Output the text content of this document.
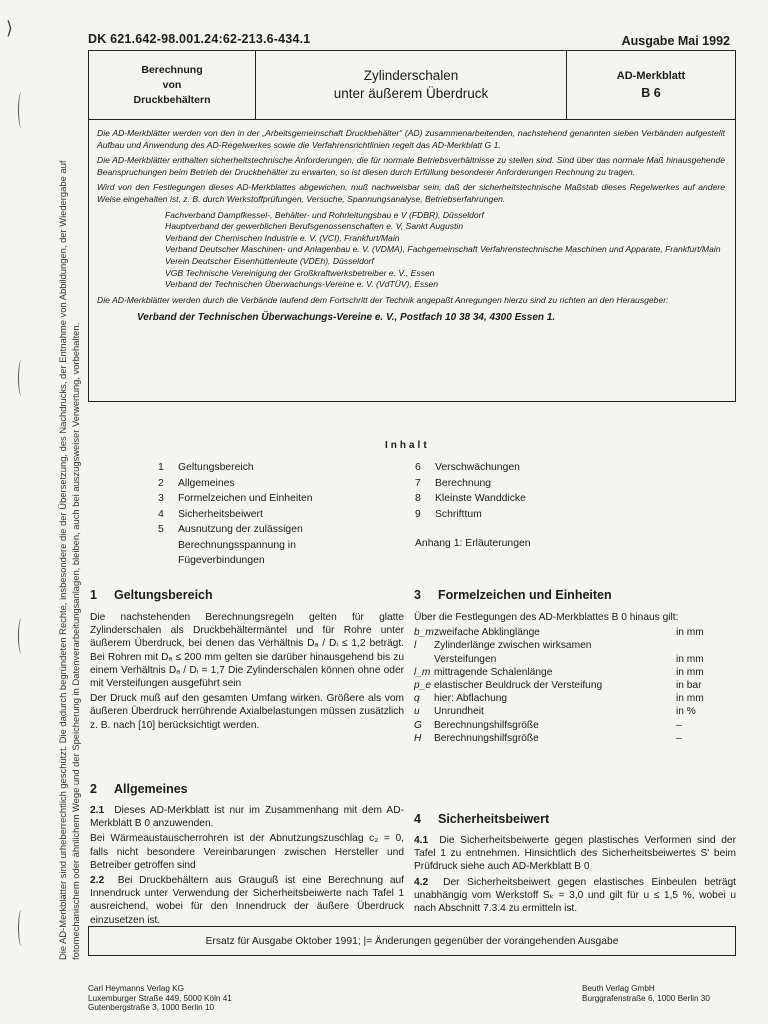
⟩
Die AD-Merkblätter sind urheberrechtlich geschützt. Die dadurch begründeten Rechte, insbesondere die der Übersetzung, des Nachdrucks, der Entnahme von Abbildungen, der Wiedergabe auf fotomechanischem oder ähnlichem Wege und der Speicherung in Datenverarbeitungsanlagen, bleiben, auch bei auszugsweiser Verwertung, vorbehalten.
DK 621.642-98.001.24:62-213.6-434.1	Ausgabe Mai 1992
Berechnung
von
Druckbehältern
Zylinderschalen
unter äußerem Überdruck
AD-Merkblatt
B 6

Die AD-Merkblätter werden von den in der „Arbeitsgemeinschaft Druckbehälter“ (AD) zusammenarbeitenden, nachstehend genannten sieben Verbänden aufgestellt Aufbau und Anwendung des AD-Regelwerkes sowie die Verfahrensrichtlinien regelt das AD-Merkblatt G 1.

Die AD-Merkblätter enthalten sicherheitstechnische Anforderungen, die für normale Betriebsverhältnisse zu stellen sind. Sind über das normale Maß hinausgehende Beanspruchungen beim Betrieb der Druckbehälter zu erwarten, so ist diesen durch Erfüllung besonderer Anforderungen Rechnung zu tragen.

Wird von den Festlegungen dieses AD-Merkblattes abgewichen, muß nachweisbar sein, daß der sicherheitstechnische Maßstab dieses Regelwerkes auf andere Weise eingehalten ist, z. B. durch Werkstoffprüfungen, Versuche, Spannungsanalyse, Betriebserfahrungen.

Fachverband Dampfkessel-, Behälter- und Rohrleitungsbau e V (FDBR), Düsseldorf
Hauptverband der gewerblichen Berufsgenossenschaften e. V, Sankt Augustin
Verband der Chemischen Industrie e. V. (VCI), Frankfurt/Main
Verband Deutscher Maschinen- und Anlagenbau e. V. (VDMA), Fachgemeinschaft Verfahrenstechnische Maschinen und Apparate, Frankfurt/Main
Verein Deutscher Eisenhüttenleute (VDEh), Düsseldorf
VGB Technische Vereinigung der Großkraftwerksbetreiber e. V., Essen
Verband der Technischen Überwachungs-Vereine e. V. (VdTÜV), Essen

Die AD-Merkblätter werden durch die Verbände laufend dem Fortschritt der Technik angepaßt Anregungen hierzu sind zu richten an den Herausgeber:

Verband der Technischen Überwachungs-Vereine e. V., Postfach 10 38 34, 4300 Essen 1.

Inhalt
1	Geltungsbereich
2	Allgemeines
3	Formelzeichen und Einheiten
4	Sicherheitsbeiwert
5	Ausnutzung der zulässigen Berechnungsspannung in Fügeverbindungen
6	Verschwächungen
7	Berechnung
8	Kleinste Wanddicke
9	Schrifttum
Anhang 1: Erläuterungen
1 Geltungsbereich

Die nachstehenden Berechnungsregeln gelten für glatte Zylinderschalen als Druckbehältermäntel und für Rohre unter äußerem Überdruck, bei denen das Verhältnis Dₐ / Dᵢ ≤ 1,2 beträgt. Bei Rohren mit Dₐ ≤ 200 mm gelten sie darüber hinausgehend bis zu einem Verhältnis Dₐ / Dᵢ = 1,7 Die Zylinderschalen können ohne oder mit Versteifungen ausgeführt sein

Der Druck muß auf den gesamten Umfang wirken. Größere als vom äußeren Überdruck herrührende Axialbelastungen müssen zusätzlich z. B. nach [10] berücksichtigt werden.

2 Allgemeines

2.1 Dieses AD-Merkblatt ist nur im Zusammenhang mit dem AD-Merkblatt B 0 anzuwenden.

Bei Wärmeaustauscherrohren ist der Abnutzungszuschlag c₂ = 0, falls nicht besondere Vereinbarungen zwischen Hersteller und Betreiber getroffen sind

2.2 Bei Druckbehältern aus Grauguß ist eine Berechnung auf Innendruck unter Verwendung der Sicherheitsbeiwerte nach Tafel 1 ausreichend, wobei für den Innendruck der äußere Überdruck einzusetzen ist.

3 Formelzeichen und Einheiten
Über die Festlegungen des AD-Merkblattes B 0 hinaus gilt:
b_m zweifache Abklinglänge	in mm
l	Zylinderlänge zwischen wirksamen Versteifungen	in mm
l_m mittragende Schalenlänge	in mm
p_e elastischer Beuldruck der Versteifung	in bar
q	hier: Abflachung	in mm
u	Unrundheit	in %
G	Berechnungshilfsgröße	–
H	Berechnungshilfsgröße	–
4 Sicherheitsbeiwert

4.1 Die Sicherheitsbeiwerte gegen plastisches Verformen sind der Tafel 1 zu entnehmen. Hinsichtlich des Sicherheitsbeiwertes S' beim Prüfdruck siehe auch AD-Merkblatt B 0

4.2 Der Sicherheitsbeiwert gegen elastisches Einbeulen beträgt unabhängig vom Werkstoff Sₖ = 3,0 und gilt für u ≤ 1,5 %, wobei u nach Abschnitt 7.3.4 zu ermitteln ist.

Ersatz für Ausgabe Oktober 1991; |= Änderungen gegenüber der vorangehenden Ausgabe
Carl Heymanns Verlag KG
Luxemburger Straße 449, 5000 Köln 41
Gutenbergstraße 3, 1000 Berlin 10
Beuth Verlag GmbH
Burggrafenstraße 6, 1000 Berlin 30
